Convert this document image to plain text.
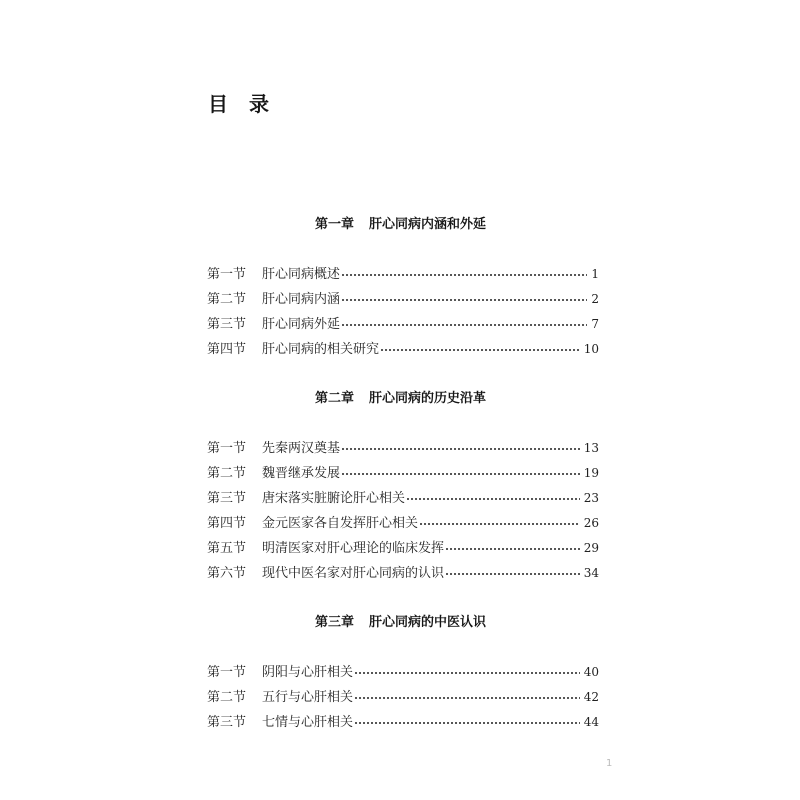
目 录
第一章 肝心同病内涵和外延
第一节	肝心同病概述	1
第二节	肝心同病内涵	2
第三节	肝心同病外延	7
第四节	肝心同病的相关研究	10
第二章 肝心同病的历史沿革
第一节	先秦两汉奠基	13
第二节	魏晋继承发展	19
第三节	唐宋落实脏腑论肝心相关	23
第四节	金元医家各自发挥肝心相关	26
第五节	明清医家对肝心理论的临床发挥	29
第六节	现代中医名家对肝心同病的认识	34
第三章 肝心同病的中医认识
第一节	阴阳与心肝相关	40
第二节	五行与心肝相关	42
第三节	七情与心肝相关	44
1
